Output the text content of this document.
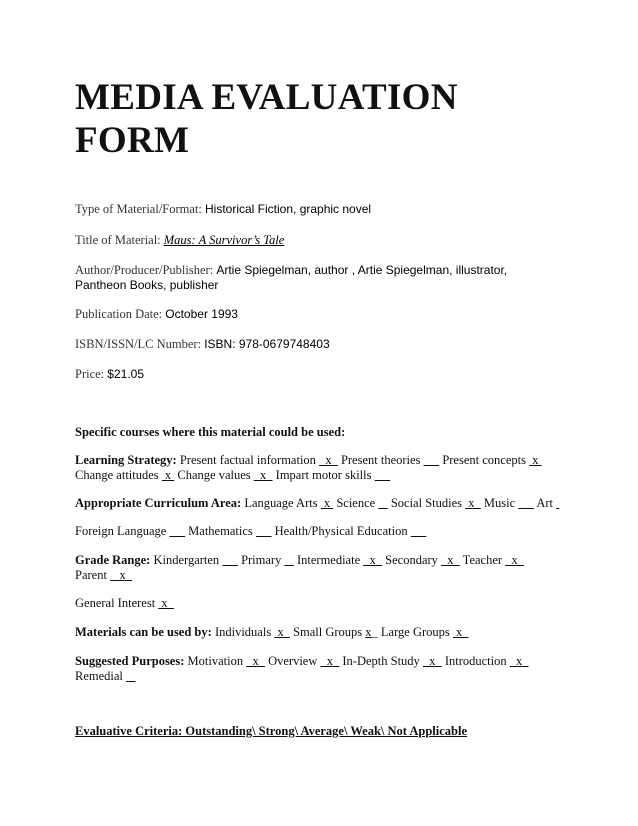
MEDIA EVALUATION
FORM
Type of Material/Format: Historical Fiction, graphic novel
Title of Material: Maus: A Survivor’s Tale
Author/Producer/Publisher: Artie Spiegelman, author , Artie Spiegelman, illustrator, Pantheon Books, publisher
Publication Date: October 1993
ISBN/ISSN/LC Number: ISBN: 978-0679748403
Price: $21.05
Specific courses where this material could be used:
Learning Strategy: Present factual information   x   Present theories       Present concepts  x
Change attitudes  x  Change values   x   Impart motor skills
Appropriate Curriculum Area: Language Arts  x  Science     Social Studies  x   Music       Art
Foreign Language       Mathematics       Health/Physical Education
Grade Range: Kindergarten       Primary     Intermediate   x   Secondary   x   Teacher   x
Parent    x
General Interest  x
Materials can be used by: Individuals  x   Small Groups x_ Large Groups  x
Suggested Purposes: Motivation   x   Overview   x   In-Depth Study   x   Introduction   x
Remedial
Evaluative Criteria: Outstanding\ Strong\ Average\ Weak\ Not Applicable
